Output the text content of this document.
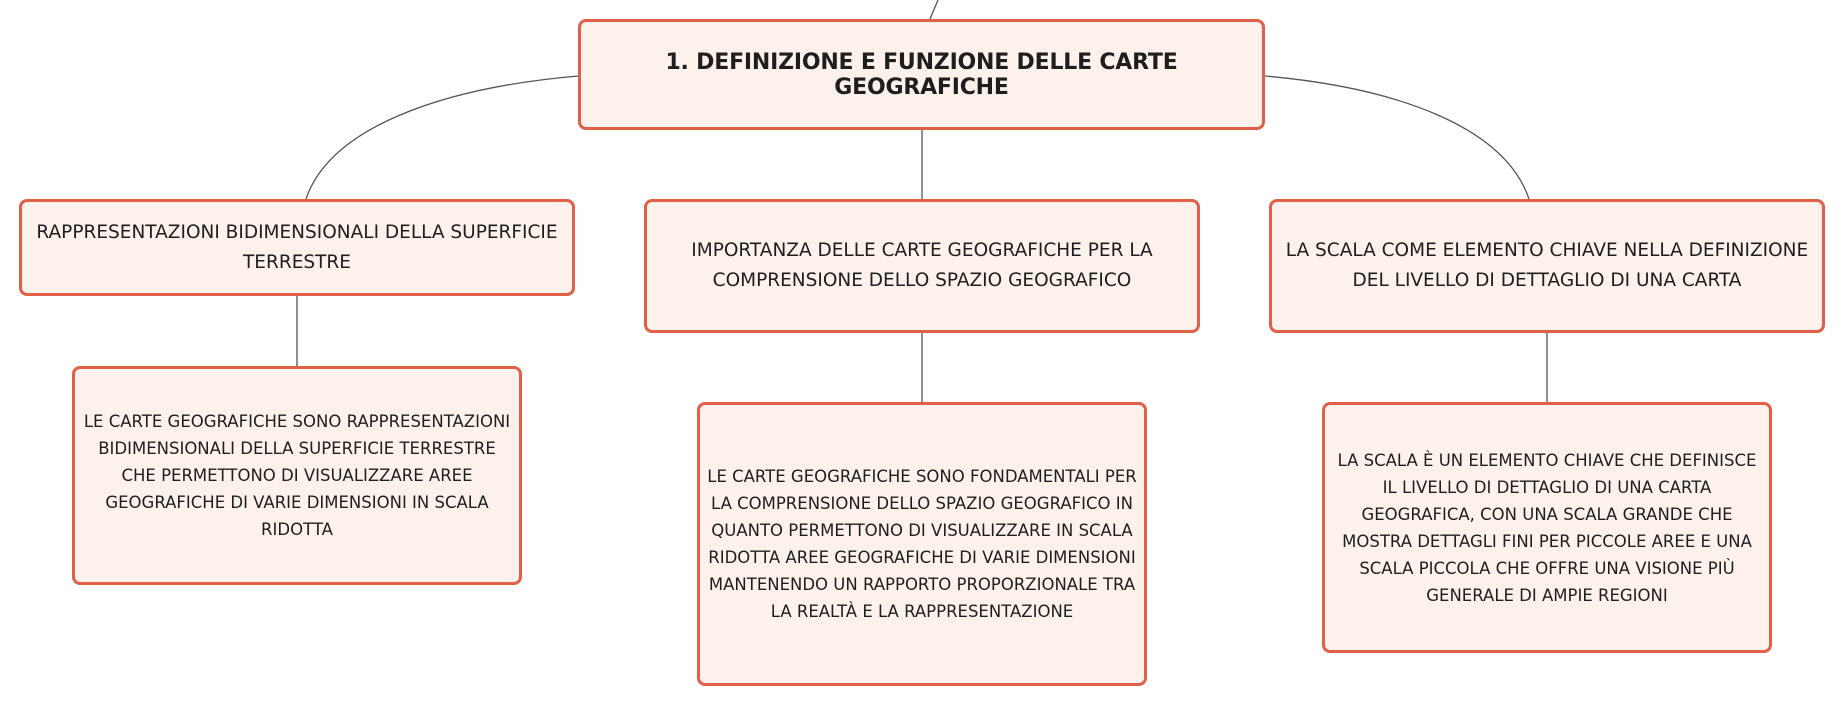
1. DEFINIZIONE E FUNZIONE DELLE CARTE GEOGRAFICHE
RAPPRESENTAZIONI BIDIMENSIONALI DELLA SUPERFICIE TERRESTRE
IMPORTANZA DELLE CARTE GEOGRAFICHE PER LA COMPRENSIONE DELLO SPAZIO GEOGRAFICO
LA SCALA COME ELEMENTO CHIAVE NELLA DEFINIZIONE DEL LIVELLO DI DETTAGLIO DI UNA CARTA
LE CARTE GEOGRAFICHE SONO RAPPRESENTAZIONI BIDIMENSIONALI DELLA SUPERFICIE TERRESTRE CHE PERMETTONO DI VISUALIZZARE AREE GEOGRAFICHE DI VARIE DIMENSIONI IN SCALA RIDOTTA
LE CARTE GEOGRAFICHE SONO FONDAMENTALI PER LA COMPRENSIONE DELLO SPAZIO GEOGRAFICO IN QUANTO PERMETTONO DI VISUALIZZARE IN SCALA RIDOTTA AREE GEOGRAFICHE DI VARIE DIMENSIONI MANTENENDO UN RAPPORTO PROPORZIONALE TRA LA REALTÀ E LA RAPPRESENTAZIONE
LA SCALA È UN ELEMENTO CHIAVE CHE DEFINISCE IL LIVELLO DI DETTAGLIO DI UNA CARTA GEOGRAFICA, CON UNA SCALA GRANDE CHE MOSTRA DETTAGLI FINI PER PICCOLE AREE E UNA SCALA PICCOLA CHE OFFRE UNA VISIONE PIÙ GENERALE DI AMPIE REGIONI
